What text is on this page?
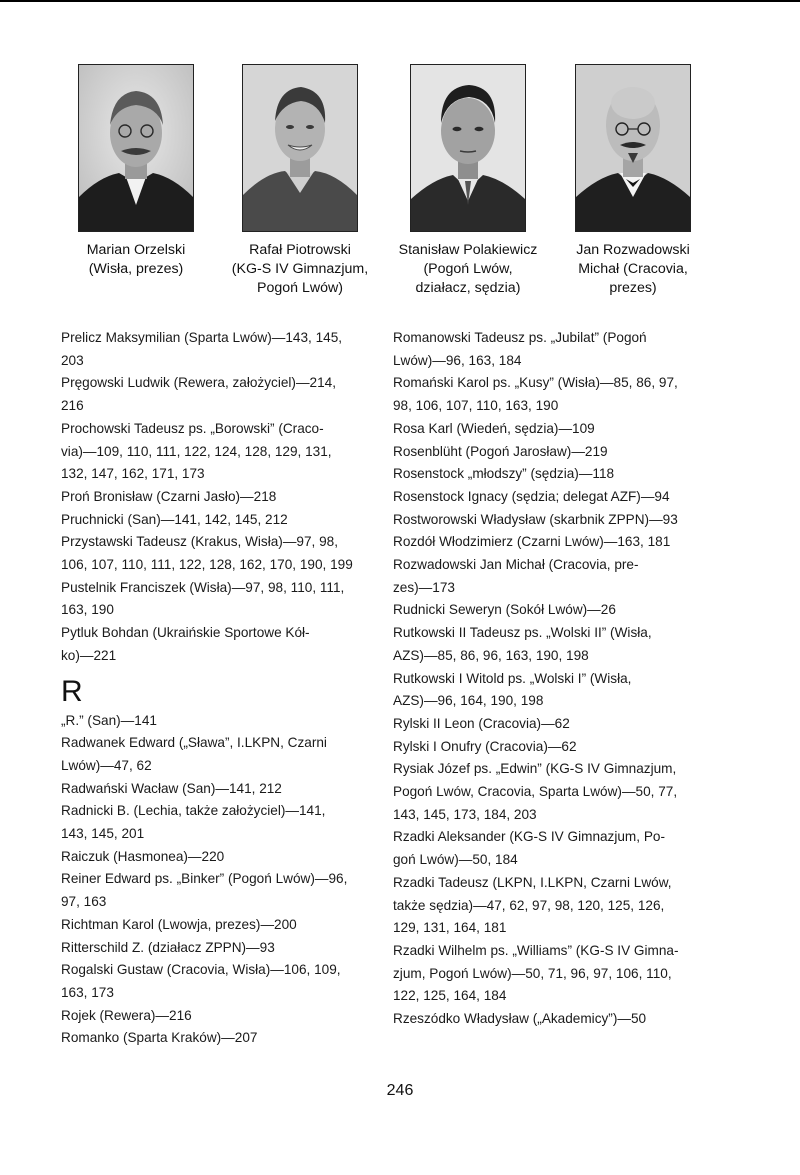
Marian Orzelski
(Wisła, prezes)
Rafał Piotrowski
(KG-S IV Gimnazjum,
Pogoń Lwów)
Stanisław Polakiewicz
(Pogoń Lwów,
działacz, sędzia)
Jan Rozwadowski
Michał (Cracovia,
prezes)
Prelicz Maksymilian (Sparta Lwów)—143, 145,
203
Pręgowski Ludwik (Rewera, założyciel)—214,
216
Prochowski Tadeusz ps. „Borowski” (Craco-
via)—109, 110, 111, 122, 124, 128, 129, 131,
132, 147, 162, 171, 173
Proń Bronisław (Czarni Jasło)—218
Pruchnicki (San)—141, 142, 145, 212
Przystawski Tadeusz (Krakus, Wisła)—97, 98,
106, 107, 110, 111, 122, 128, 162, 170, 190, 199
Pustelnik Franciszek (Wisła)—97, 98, 110, 111,
163, 190
Pytluk Bohdan (Ukraińskie Sportowe Kół-
ko)—221
R
„R.” (San)—141
Radwanek Edward („Sława”, I.LKPN, Czarni
Lwów)—47, 62
Radwański Wacław (San)—141, 212
Radnicki B. (Lechia, także założyciel)—141,
143, 145, 201
Raiczuk (Hasmonea)—220
Reiner Edward ps. „Binker” (Pogoń Lwów)—96,
97, 163
Richtman Karol (Lwowja, prezes)—200
Ritterschild Z. (działacz ZPPN)—93
Rogalski Gustaw (Cracovia, Wisła)—106, 109,
163, 173
Rojek (Rewera)—216
Romanko (Sparta Kraków)—207
Romanowski Tadeusz ps. „Jubilat” (Pogoń
Lwów)—96, 163, 184
Romański Karol ps. „Kusy” (Wisła)—85, 86, 97,
98, 106, 107, 110, 163, 190
Rosa Karl (Wiedeń, sędzia)—109
Rosenblüht (Pogoń Jarosław)—219
Rosenstock „młodszy” (sędzia)—118
Rosenstock Ignacy (sędzia; delegat AZF)—94
Rostworowski Władysław (skarbnik ZPPN)—93
Rozdół Włodzimierz (Czarni Lwów)—163, 181
Rozwadowski Jan Michał (Cracovia, pre-
zes)—173
Rudnicki Seweryn (Sokół Lwów)—26
Rutkowski II Tadeusz ps. „Wolski II” (Wisła,
AZS)—85, 86, 96, 163, 190, 198
Rutkowski I Witold ps. „Wolski I” (Wisła,
AZS)—96, 164, 190, 198
Rylski II Leon (Cracovia)—62
Rylski I Onufry (Cracovia)—62
Rysiak Józef ps. „Edwin” (KG-S IV Gimnazjum,
Pogoń Lwów, Cracovia, Sparta Lwów)—50, 77,
143, 145, 173, 184, 203
Rzadki Aleksander (KG-S IV Gimnazjum, Po-
goń Lwów)—50, 184
Rzadki Tadeusz (LKPN, I.LKPN, Czarni Lwów,
także sędzia)—47, 62, 97, 98, 120, 125, 126,
129, 131, 164, 181
Rzadki Wilhelm ps. „Williams” (KG-S IV Gimna-
zjum, Pogoń Lwów)—50, 71, 96, 97, 106, 110,
122, 125, 164, 184
Rzeszódko Władysław („Akademicy”)—50
246
